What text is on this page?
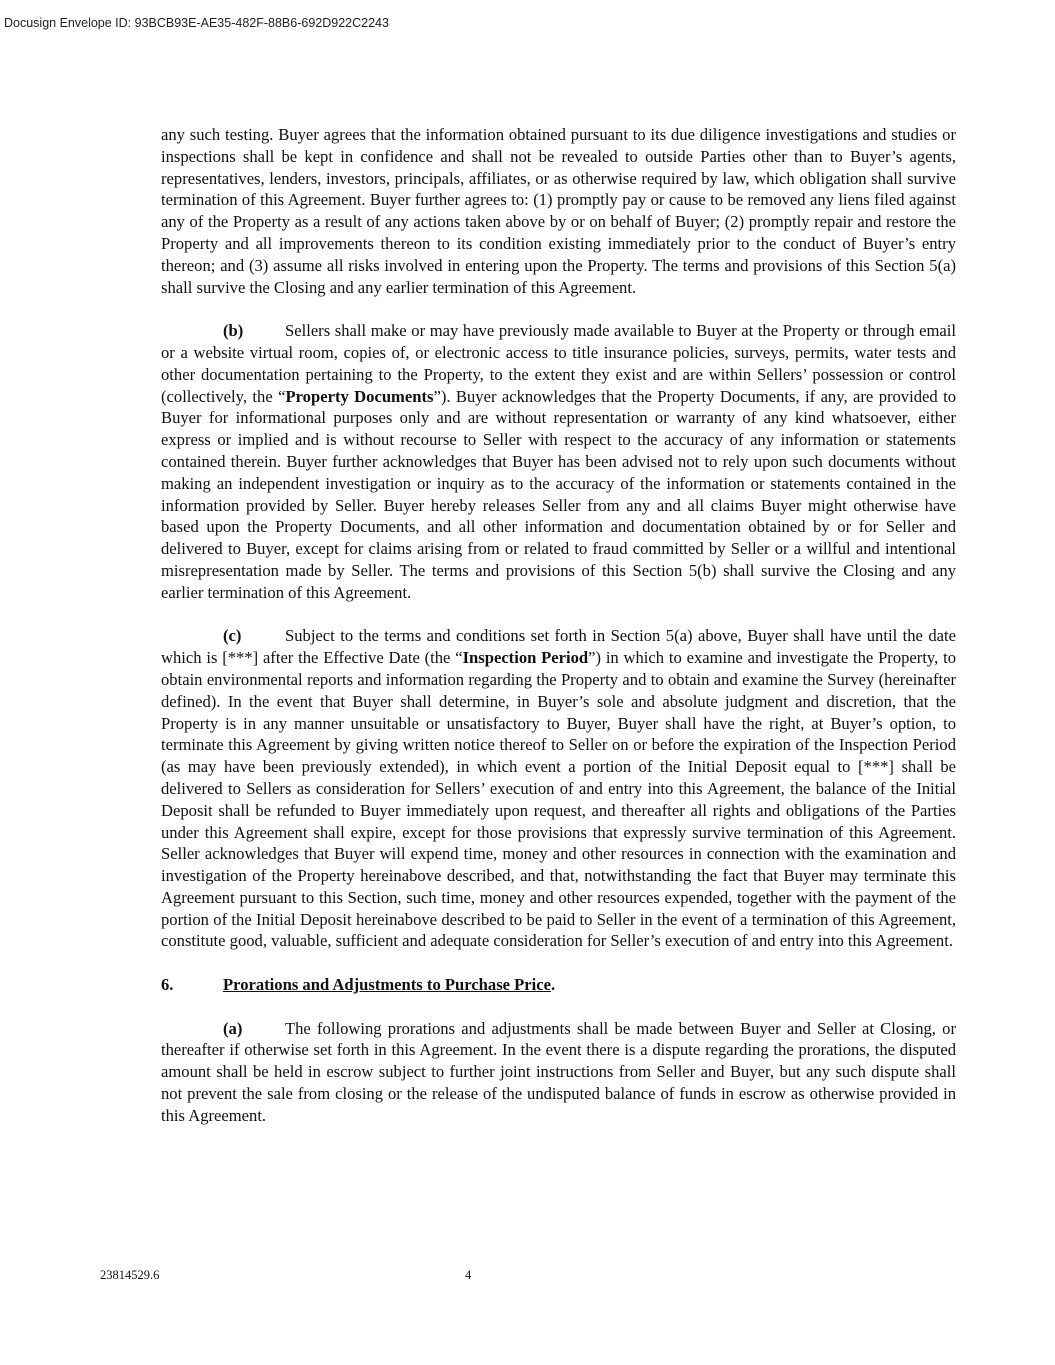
Docusign Envelope ID: 93BCB93E-AE35-482F-88B6-692D922C2243

any such testing. Buyer agrees that the information obtained pursuant to its due diligence investigations and studies or inspections shall be kept in confidence and shall not be revealed to outside Parties other than to Buyer’s agents, representatives, lenders, investors, principals, affiliates, or as otherwise required by law, which obligation shall survive termination of this Agreement. Buyer further agrees to: (1) promptly pay or cause to be removed any liens filed against any of the Property as a result of any actions taken above by or on behalf of Buyer; (2) promptly repair and restore the Property and all improvements thereon to its condition existing immediately prior to the conduct of Buyer’s entry thereon; and (3) assume all risks involved in entering upon the Property. The terms and provisions of this Section 5(a) shall survive the Closing and any earlier termination of this Agreement.

(b)	Sellers shall make or may have previously made available to Buyer at the Property or through email or a website virtual room, copies of, or electronic access to title insurance policies, surveys, permits, water tests and other documentation pertaining to the Property, to the extent they exist and are within Sellers’ possession or control (collectively, the “Property Documents”). Buyer acknowledges that the Property Documents, if any, are provided to Buyer for informational purposes only and are without representation or warranty of any kind whatsoever, either express or implied and is without recourse to Seller with respect to the accuracy of any information or statements contained therein. Buyer further acknowledges that Buyer has been advised not to rely upon such documents without making an independent investigation or inquiry as to the accuracy of the information or statements contained in the information provided by Seller. Buyer hereby releases Seller from any and all claims Buyer might otherwise have based upon the Property Documents, and all other information and documentation obtained by or for Seller and delivered to Buyer, except for claims arising from or related to fraud committed by Seller or a willful and intentional misrepresentation made by Seller. The terms and provisions of this Section 5(b) shall survive the Closing and any earlier termination of this Agreement.

(c)	Subject to the terms and conditions set forth in Section 5(a) above, Buyer shall have until the date which is [***] after the Effective Date (the “Inspection Period”) in which to examine and investigate the Property, to obtain environmental reports and information regarding the Property and to obtain and examine the Survey (hereinafter defined). In the event that Buyer shall determine, in Buyer’s sole and absolute judgment and discretion, that the Property is in any manner unsuitable or unsatisfactory to Buyer, Buyer shall have the right, at Buyer’s option, to terminate this Agreement by giving written notice thereof to Seller on or before the expiration of the Inspection Period (as may have been previously extended), in which event a portion of the Initial Deposit equal to [***] shall be delivered to Sellers as consideration for Sellers’ execution of and entry into this Agreement, the balance of the Initial Deposit shall be refunded to Buyer immediately upon request, and thereafter all rights and obligations of the Parties under this Agreement shall expire, except for those provisions that expressly survive termination of this Agreement. Seller acknowledges that Buyer will expend time, money and other resources in connection with the examination and investigation of the Property hereinabove described, and that, notwithstanding the fact that Buyer may terminate this Agreement pursuant to this Section, such time, money and other resources expended, together with the payment of the portion of the Initial Deposit hereinabove described to be paid to Seller in the event of a termination of this Agreement, constitute good, valuable, sufficient and adequate consideration for Seller’s execution of and entry into this Agreement.

6.	Prorations and Adjustments to Purchase Price.

(a)	The following prorations and adjustments shall be made between Buyer and Seller at Closing, or thereafter if otherwise set forth in this Agreement. In the event there is a dispute regarding the prorations, the disputed amount shall be held in escrow subject to further joint instructions from Seller and Buyer, but any such dispute shall not prevent the sale from closing or the release of the undisputed balance of funds in escrow as otherwise provided in this Agreement.

23814529.6	4
